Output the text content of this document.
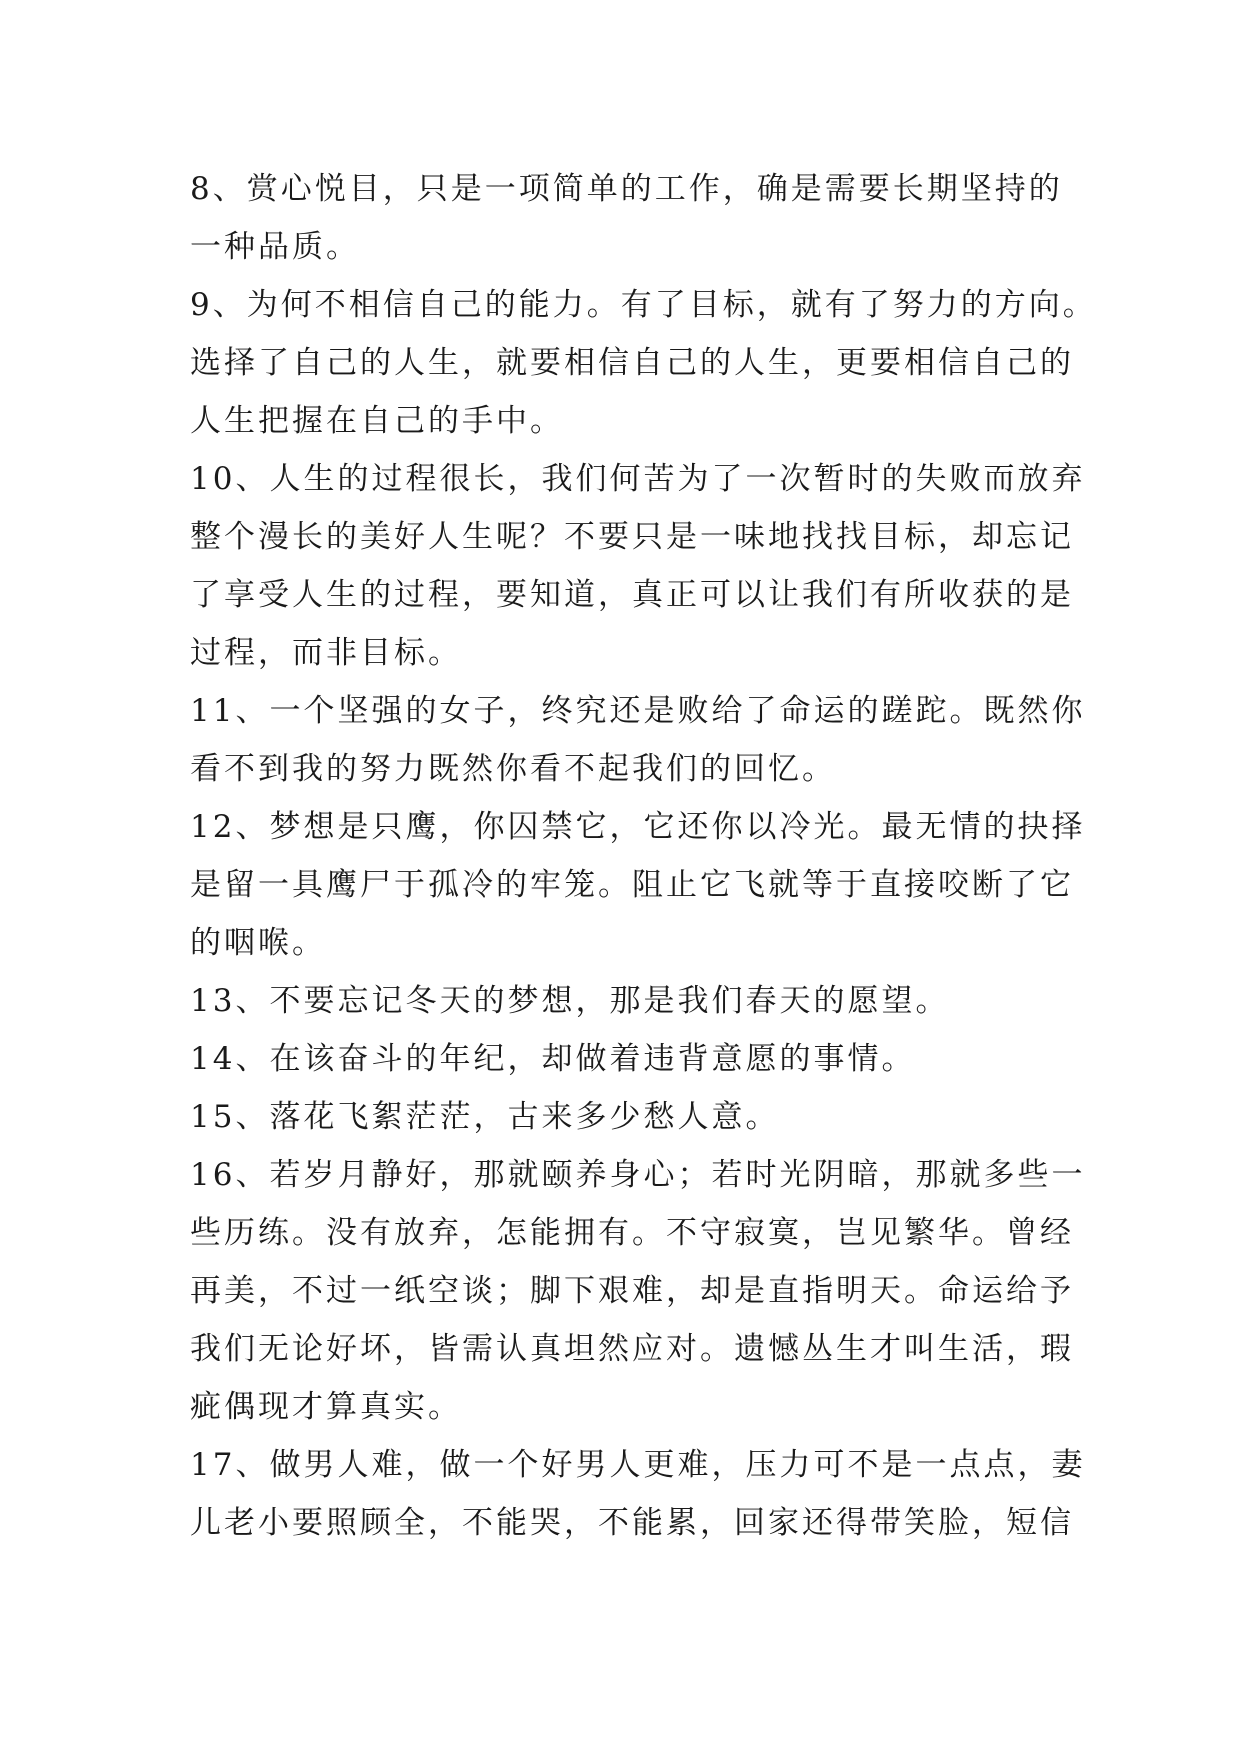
8、赏心悦目，只是一项简单的工作，确是需要长期坚持的
一种品质。
9、为何不相信自己的能力。有了目标，就有了努力的方向。
选择了自己的人生，就要相信自己的人生，更要相信自己的
人生把握在自己的手中。
10、人生的过程很长，我们何苦为了一次暂时的失败而放弃
整个漫长的美好人生呢？不要只是一味地找找目标，却忘记
了享受人生的过程，要知道，真正可以让我们有所收获的是
过程，而非目标。
11、一个坚强的女子，终究还是败给了命运的蹉跎。既然你
看不到我的努力既然你看不起我们的回忆。
12、梦想是只鹰，你囚禁它，它还你以冷光。最无情的抉择
是留一具鹰尸于孤冷的牢笼。阻止它飞就等于直接咬断了它
的咽喉。
13、不要忘记冬天的梦想，那是我们春天的愿望。
14、在该奋斗的年纪，却做着违背意愿的事情。
15、落花飞絮茫茫，古来多少愁人意。
16、若岁月静好，那就颐养身心；若时光阴暗，那就多些一
些历练。没有放弃，怎能拥有。不守寂寞，岂见繁华。曾经
再美，不过一纸空谈；脚下艰难，却是直指明天。命运给予
我们无论好坏，皆需认真坦然应对。遗憾丛生才叫生活，瑕
疵偶现才算真实。
17、做男人难，做一个好男人更难，压力可不是一点点，妻
儿老小要照顾全，不能哭，不能累，回家还得带笑脸，短信
